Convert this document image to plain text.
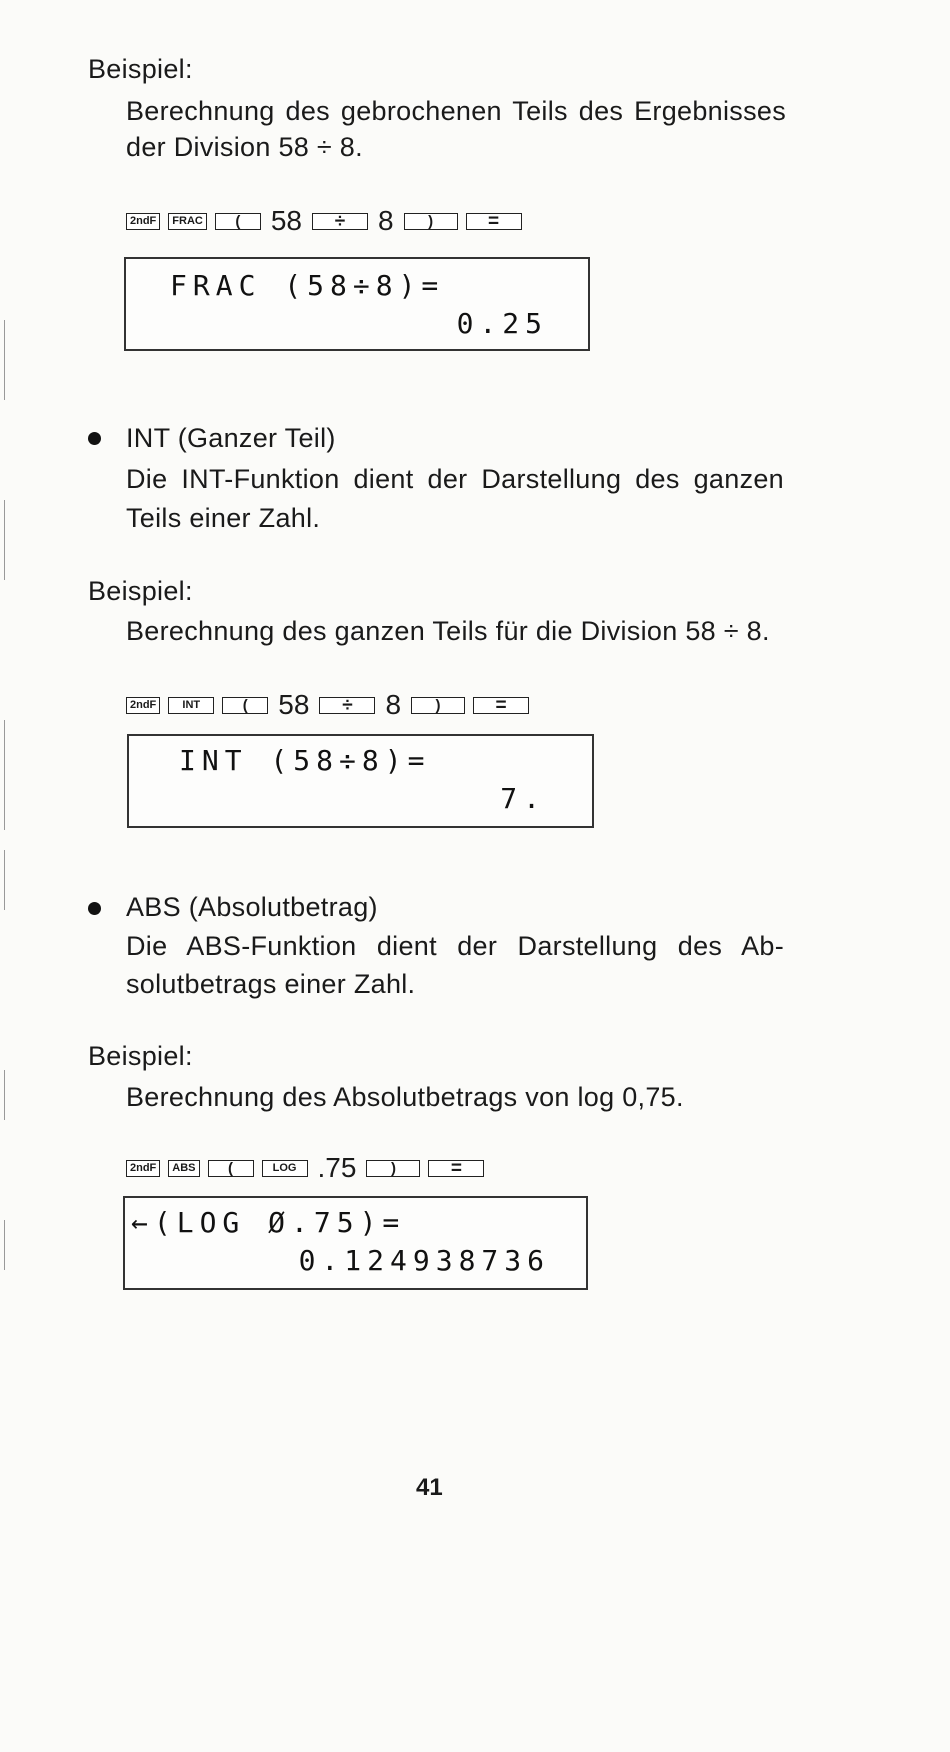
Beispiel:
Berechnung des gebrochenen Teils des Ergebnisses
der Division 58 ÷ 8.
2ndF	FRAC	(	58	÷	8	)	=
FRAC (58÷8)=
0.25
INT (Ganzer Teil)
Die INT-Funktion dient der Darstellung des ganzen
Teils einer Zahl.
Beispiel:
Berechnung des ganzen Teils für die Division 58 ÷ 8.
2ndF	INT	(	58	÷	8	)	=
INT (58÷8)=
7.
ABS (Absolutbetrag)
Die ABS-Funktion dient der Darstellung des Ab-
solutbetrags einer Zahl.
Beispiel:
Berechnung des Absolutbetrags von log 0,75.
2ndF	ABS	(	LOG .75	)	=
←(LOG Ø.75)=
0.124938736
41
